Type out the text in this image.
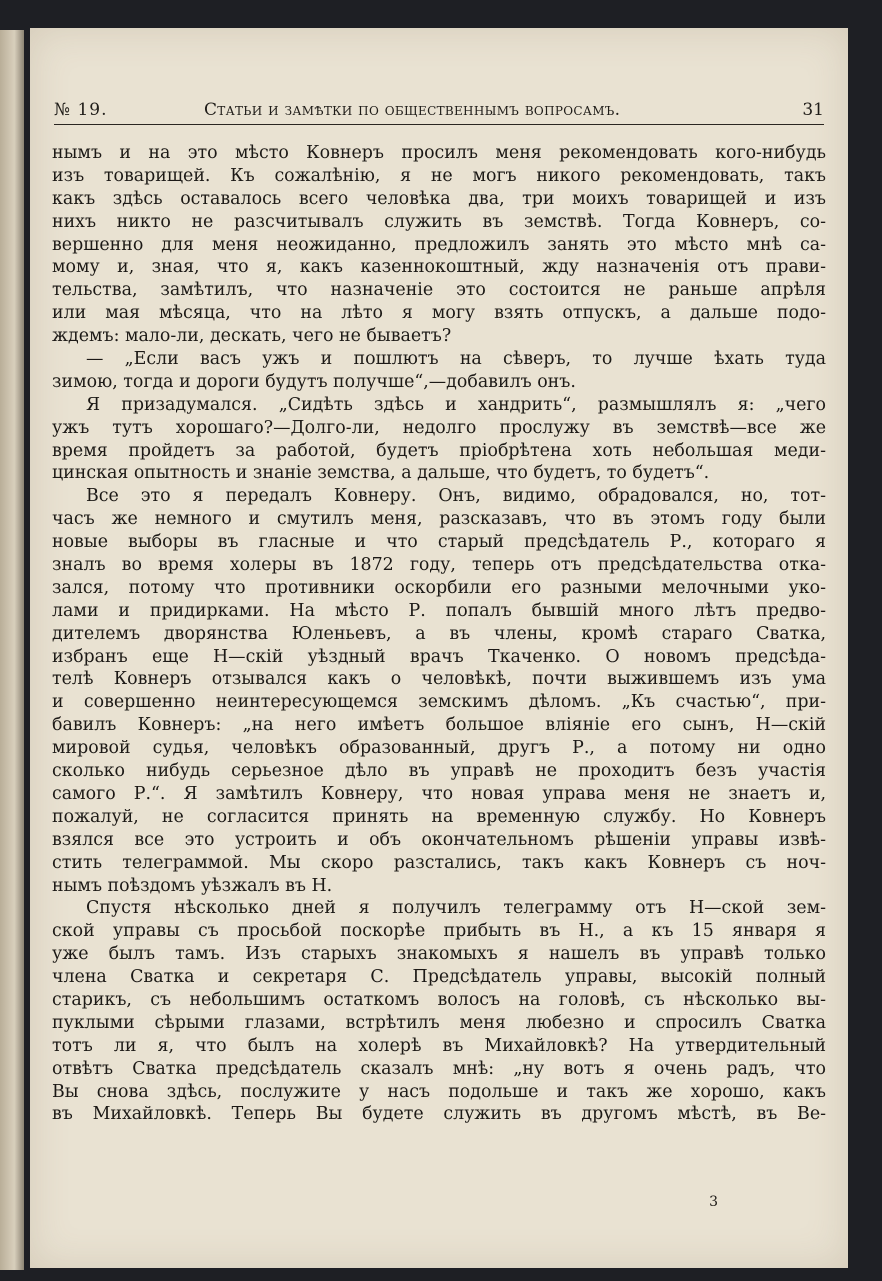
№ 19.	Статьи и замѣтки по общественнымъ вопросамъ.	31
нымъ и на это мѣсто Ковнеръ просилъ меня рекомендовать кого-нибудь
изъ товарищей. Къ сожалѣнію, я не могъ никого рекомендовать, такъ
какъ здѣсь оставалось всего человѣка два, три моихъ товарищей и изъ
нихъ никто не разсчитывалъ служить въ земствѣ. Тогда Ковнеръ, со-
вершенно для меня неожиданно, предложилъ занять это мѣсто мнѣ са-
мому и, зная, что я, какъ казеннокоштный, жду назначенія отъ прави-
тельства, замѣтилъ, что назначеніе это состоится не раньше апрѣля
или мая мѣсяца, что на лѣто я могу взять отпускъ, а дальше подо-
ждемъ: мало-ли, дескать, чего не бываетъ?
— „Если васъ ужъ и пошлютъ на сѣверъ, то лучше ѣхать туда
зимою, тогда и дороги будутъ получше“,—добавилъ онъ.
Я призадумался. „Сидѣть здѣсь и хандрить“, размышлялъ я: „чего
ужъ тутъ хорошаго?—Долго-ли, недолго прослужу въ земствѣ—все же
время пройдетъ за работой, будетъ пріобрѣтена хоть небольшая меди-
цинская опытность и знаніе земства, а дальше, что будетъ, то будетъ“.
Все это я передалъ Ковнеру. Онъ, видимо, обрадовался, но, тот-
часъ же немного и смутилъ меня, разсказавъ, что въ этомъ году были
новые выборы въ гласные и что старый предсѣдатель Р., котораго я
зналъ во время холеры въ 1872 году, теперь отъ предсѣдательства отка-
зался, потому что противники оскорбили его разными мелочными уко-
лами и придирками. На мѣсто Р. попалъ бывшій много лѣтъ предво-
дителемъ дворянства Юленьевъ, а въ члены, кромѣ стараго Сватка,
избранъ еще Н—скій уѣздный врачъ Ткаченко. О новомъ предсѣда-
телѣ Ковнеръ отзывался какъ о человѣкѣ, почти выжившемъ изъ ума
и совершенно неинтересующемся земскимъ дѣломъ. „Къ счастью“, при-
бавилъ Ковнеръ: „на него имѣетъ большое вліяніе его сынъ, Н—скій
мировой судья, человѣкъ образованный, другъ Р., а потому ни одно
сколько нибудь серьезное дѣло въ управѣ не проходитъ безъ участія
самого Р.“. Я замѣтилъ Ковнеру, что новая управа меня не знаетъ и,
пожалуй, не согласится принять на временную службу. Но Ковнеръ
взялся все это устроить и объ окончательномъ рѣшеніи управы извѣ-
стить телеграммой. Мы скоро разстались, такъ какъ Ковнеръ съ ноч-
нымъ поѣздомъ уѣзжалъ въ Н.
Спустя нѣсколько дней я получилъ телеграмму отъ Н—ской зем-
ской управы съ просьбой поскорѣе прибыть въ Н., а къ 15 января я
уже былъ тамъ. Изъ старыхъ знакомыхъ я нашелъ въ управѣ только
члена Сватка и секретаря С. Предсѣдатель управы, высокій полный
старикъ, съ небольшимъ остаткомъ волосъ на головѣ, съ нѣсколько вы-
пуклыми сѣрыми глазами, встрѣтилъ меня любезно и спросилъ Сватка
тотъ ли я, что былъ на холерѣ въ Михайловкѣ? На утвердительный
отвѣтъ Сватка предсѣдатель сказалъ мнѣ: „ну вотъ я очень радъ, что
Вы снова здѣсь, послужите у насъ подольше и такъ же хорошо, какъ
въ Михайловкѣ. Теперь Вы будете служить въ другомъ мѣстѣ, въ Ве-
3
